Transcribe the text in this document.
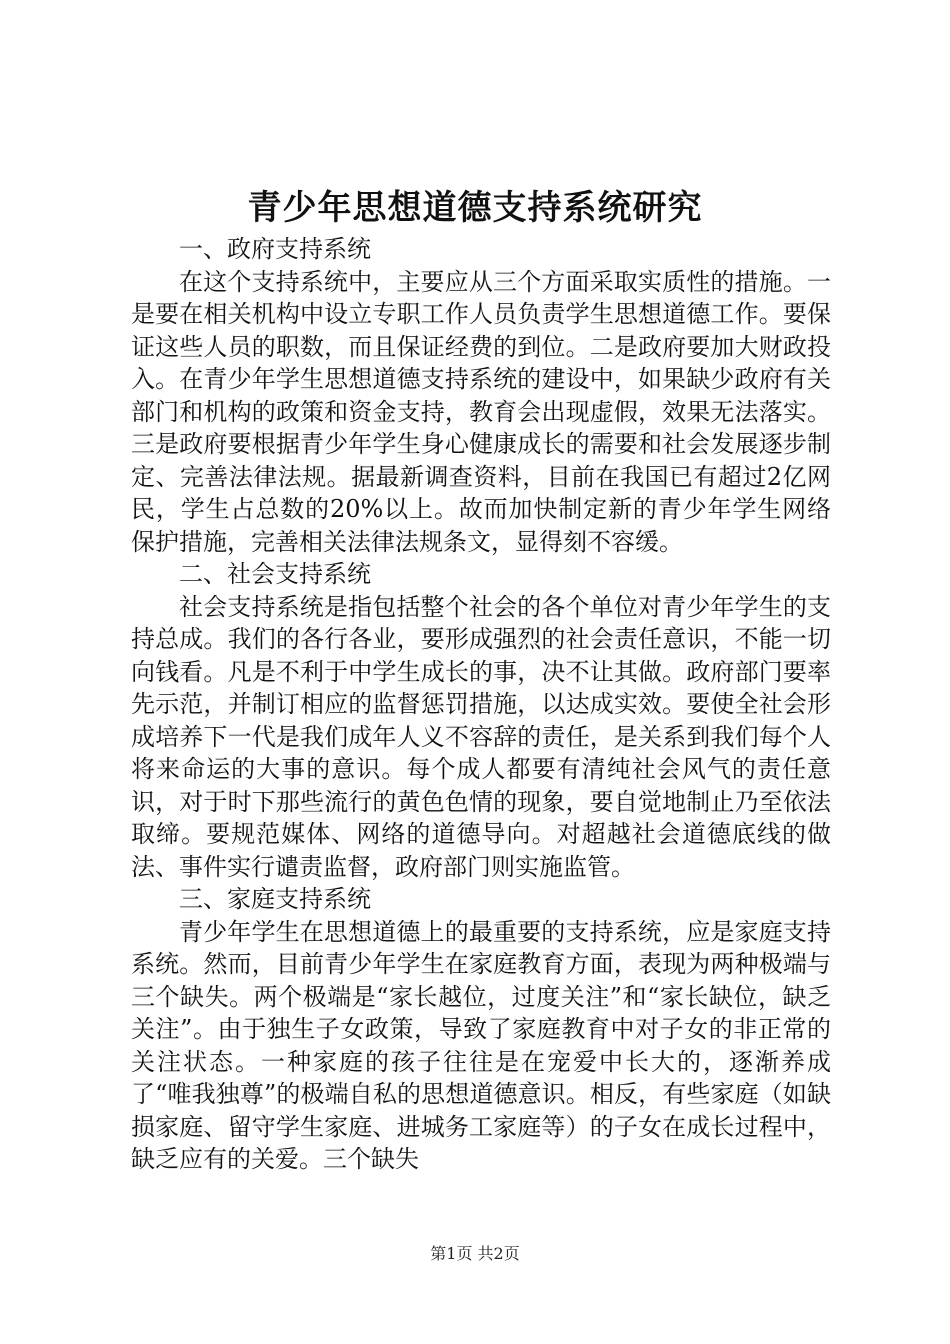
青少年思想道德支持系统研究

一、政府支持系统

在这个支持系统中，主要应从三个方面采取实质性的措施。一是要在相关机构中设立专职工作人员负责学生思想道德工作。要保证这些人员的职数，而且保证经费的到位。二是政府要加大财政投入。在青少年学生思想道德支持系统的建设中，如果缺少政府有关部门和机构的政策和资金支持，教育会出现虚假，效果无法落实。三是政府要根据青少年学生身心健康成长的需要和社会发展逐步制定、完善法律法规。据最新调查资料，目前在我国已有超过2亿网民，学生占总数的20%以上。故而加快制定新的青少年学生网络保护措施，完善相关法律法规条文，显得刻不容缓。

二、社会支持系统

社会支持系统是指包括整个社会的各个单位对青少年学生的支持总成。我们的各行各业，要形成强烈的社会责任意识，不能一切向钱看。凡是不利于中学生成长的事，决不让其做。政府部门要率先示范，并制订相应的监督惩罚措施，以达成实效。要使全社会形成培养下一代是我们成年人义不容辞的责任，是关系到我们每个人将来命运的大事的意识。每个成人都要有清纯社会风气的责任意识，对于时下那些流行的黄色色情的现象，要自觉地制止乃至依法取缔。要规范媒体、网络的道德导向。对超越社会道德底线的做法、事件实行谴责监督，政府部门则实施监管。

三、家庭支持系统

青少年学生在思想道德上的最重要的支持系统，应是家庭支持系统。然而，目前青少年学生在家庭教育方面，表现为两种极端与三个缺失。两个极端是“家长越位，过度关注”和“家长缺位，缺乏关注”。由于独生子女政策，导致了家庭教育中对子女的非正常的关注状态。一种家庭的孩子往往是在宠爱中长大的，逐渐养成了“唯我独尊”的极端自私的思想道德意识。相反，有些家庭（如缺损家庭、留守学生家庭、进城务工家庭等）的子女在成长过程中，缺乏应有的关爱。三个缺失

第1页 共2页
